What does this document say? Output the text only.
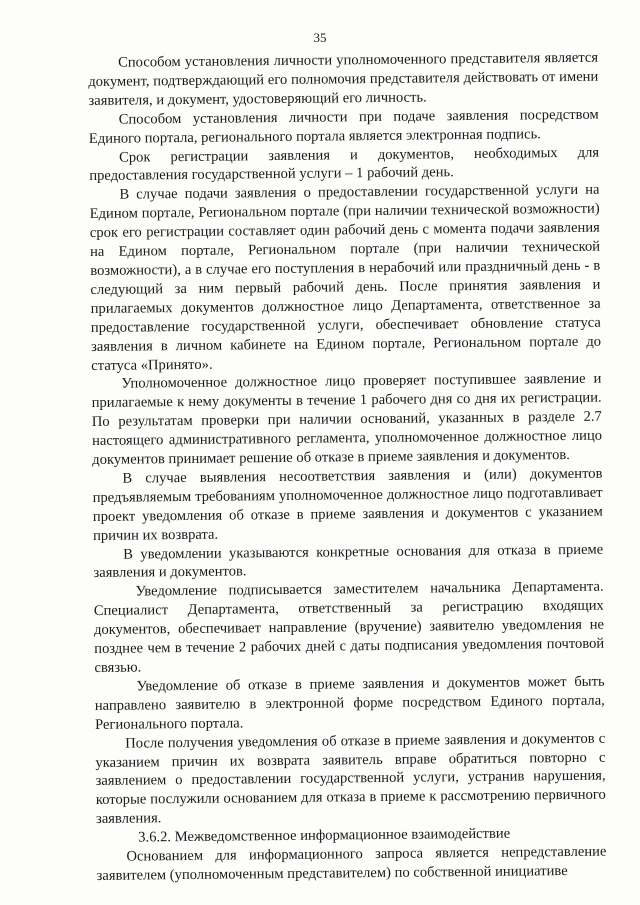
35

Способом установления личности уполномоченного представителя является документ, подтверждающий его полномочия представителя действовать от имени заявителя, и документ, удостоверяющий его личность.

Способом установления личности при подаче заявления посредством Единого портала, регионального портала является электронная подпись.

Срок регистрации заявления и документов, необходимых для предоставления государственной услуги – 1 рабочий день.

В случае подачи заявления о предоставлении государственной услуги на Едином портале, Региональном портале (при наличии технической возможности) срок его регистрации составляет один рабочий день с момента подачи заявления на Едином портале, Региональном портале (при наличии технической возможности), а в случае его поступления в нерабочий или праздничный день - в следующий за ним первый рабочий день. После принятия заявления и прилагаемых документов должностное лицо Департамента, ответственное за предоставление государственной услуги, обеспечивает обновление статуса заявления в личном кабинете на Едином портале, Региональном портале до статуса «Принято».

Уполномоченное должностное лицо проверяет поступившее заявление и прилагаемые к нему документы в течение 1 рабочего дня со дня их регистрации. По результатам проверки при наличии оснований, указанных в разделе 2.7 настоящего административного регламента, уполномоченное должностное лицо документов принимает решение об отказе в приеме заявления и документов.

В случае выявления несоответствия заявления и (или) документов предъявляемым требованиям уполномоченное должностное лицо подготавливает проект уведомления об отказе в приеме заявления и документов с указанием причин их возврата.

В уведомлении указываются конкретные основания для отказа в приеме заявления и документов.

Уведомление подписывается заместителем начальника Департамента. Специалист Департамента, ответственный за регистрацию входящих документов, обеспечивает направление (вручение) заявителю уведомления не позднее чем в течение 2 рабочих дней с даты подписания уведомления почтовой связью.

Уведомление об отказе в приеме заявления и документов может быть направлено заявителю в электронной форме посредством Единого портала, Регионального портала.

После получения уведомления об отказе в приеме заявления и документов с указанием причин их возврата заявитель вправе обратиться повторно с заявлением о предоставлении государственной услуги, устранив нарушения, которые послужили основанием для отказа в приеме к рассмотрению первичного заявления.

3.6.2. Межведомственное информационное взаимодействие

Основанием для информационного запроса является непредставление заявителем (уполномоченным представителем) по собственной инициативе
